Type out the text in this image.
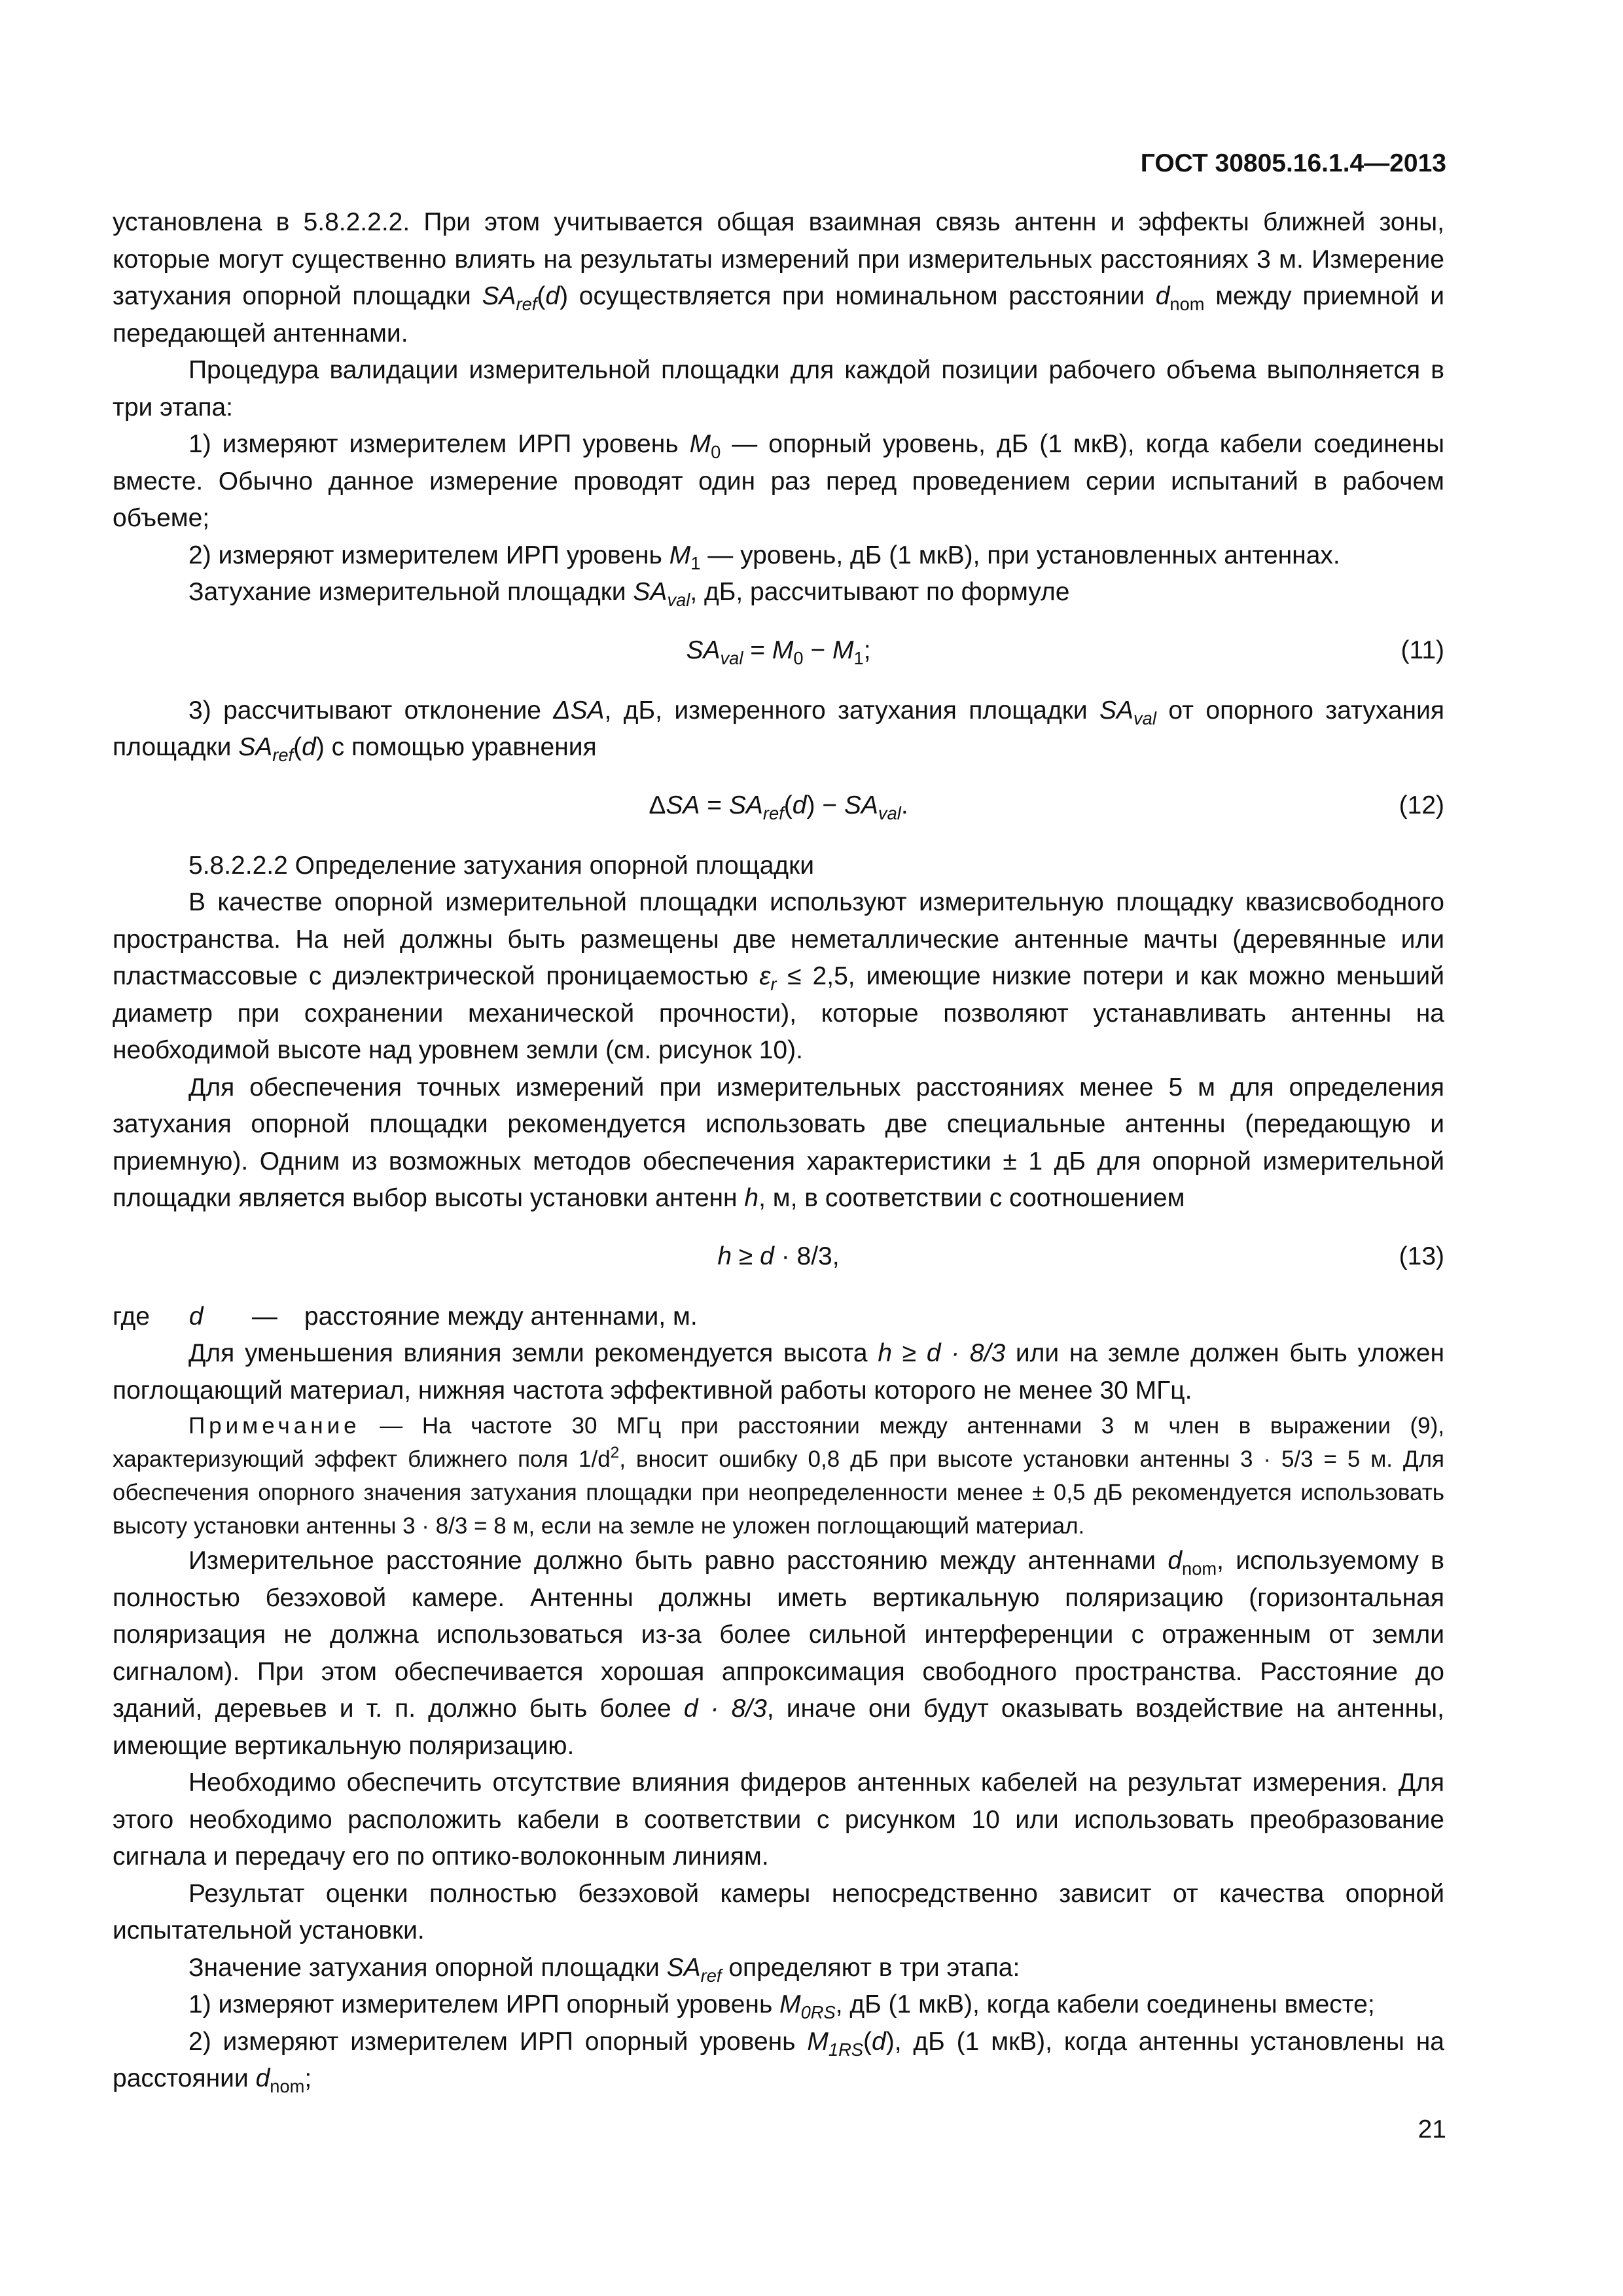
ГОСТ 30805.16.1.4—2013

установлена в 5.8.2.2.2. При этом учитывается общая взаимная связь антенн и эффекты ближней зоны, которые могут существенно влиять на результаты измерений при измерительных расстояниях 3 м. Измерение затухания опорной площадки $SA_{ref}(d)$ осуществляется при номинальном расстоянии $d_{nom}$ между приемной и передающей антеннами.

Процедура валидации измерительной площадки для каждой позиции рабочего объема выполняется в три этапа:

1) измеряют измерителем ИРП уровень $M_0$ — опорный уровень, дБ (1 мкВ), когда кабели соединены вместе. Обычно данное измерение проводят один раз перед проведением серии испытаний в рабочем объеме;

2) измеряют измерителем ИРП уровень $M_1$ — уровень, дБ (1 мкВ), при установленных антеннах.

Затухание измерительной площадки $SA_{val}$, дБ, рассчитывают по формуле

$SA_{val} = M_0 - M_1$;	(11)

3) рассчитывают отклонение ΔSA, дБ, измеренного затухания площадки $SA_{val}$ от опорного затухания площадки $SA_{ref}(d)$ с помощью уравнения

$\Delta SA = SA_{ref}(d) - SA_{val}$.	(12)

5.8.2.2.2 Определение затухания опорной площадки

В качестве опорной измерительной площадки используют измерительную площадку квазисвободного пространства. На ней должны быть размещены две неметаллические антенные мачты (деревянные или пластмассовые с диэлектрической проницаемостью $\varepsilon_r \le 2,5$, имеющие низкие потери и как можно меньший диаметр при сохранении механической прочности), которые позволяют устанавливать антенны на необходимой высоте над уровнем земли (см. рисунок 10).

Для обеспечения точных измерений при измерительных расстояниях менее 5 м для определения затухания опорной площадки рекомендуется использовать две специальные антенны (передающую и приемную). Одним из возможных методов обеспечения характеристики ± 1 дБ для опорной измерительной площадки является выбор высоты установки антенн h, м, в соответствии с соотношением

h ≥ d · 8/3,	(13)

где d — расстояние между антеннами, м.

Для уменьшения влияния земли рекомендуется высота h ≥ d · 8/3 или на земле должен быть уложен поглощающий материал, нижняя частота эффективной работы которого не менее 30 МГц.

Примечание — На частоте 30 МГц при расстоянии между антеннами 3 м член в выражении (9), характеризующий эффект ближнего поля $1/d^2$, вносит ошибку 0,8 дБ при высоте установки антенны 3 · 5/3 = 5 м. Для обеспечения опорного значения затухания площадки при неопределенности менее ± 0,5 дБ рекомендуется использовать высоту установки антенны 3 · 8/3 = 8 м, если на земле не уложен поглощающий материал.

Измерительное расстояние должно быть равно расстоянию между антеннами $d_{nom}$, используемому в полностью безэховой камере. Антенны должны иметь вертикальную поляризацию (горизонтальная поляризация не должна использоваться из-за более сильной интерференции с отраженным от земли сигналом). При этом обеспечивается хорошая аппроксимация свободного пространства. Расстояние до зданий, деревьев и т. п. должно быть более d · 8/3, иначе они будут оказывать воздействие на антенны, имеющие вертикальную поляризацию.

Необходимо обеспечить отсутствие влияния фидеров антенных кабелей на результат измерения. Для этого необходимо расположить кабели в соответствии с рисунком 10 или использовать преобразование сигнала и передачу его по оптико-волоконным линиям.

Результат оценки полностью безэховой камеры непосредственно зависит от качества опорной испытательной установки.

Значение затухания опорной площадки $SA_{ref}$ определяют в три этапа:

1) измеряют измерителем ИРП опорный уровень $M_{0RS}$, дБ (1 мкВ), когда кабели соединены вместе;

2) измеряют измерителем ИРП опорный уровень $M_{1RS}(d)$, дБ (1 мкВ), когда антенны установлены на расстоянии $d_{nom}$;

21
